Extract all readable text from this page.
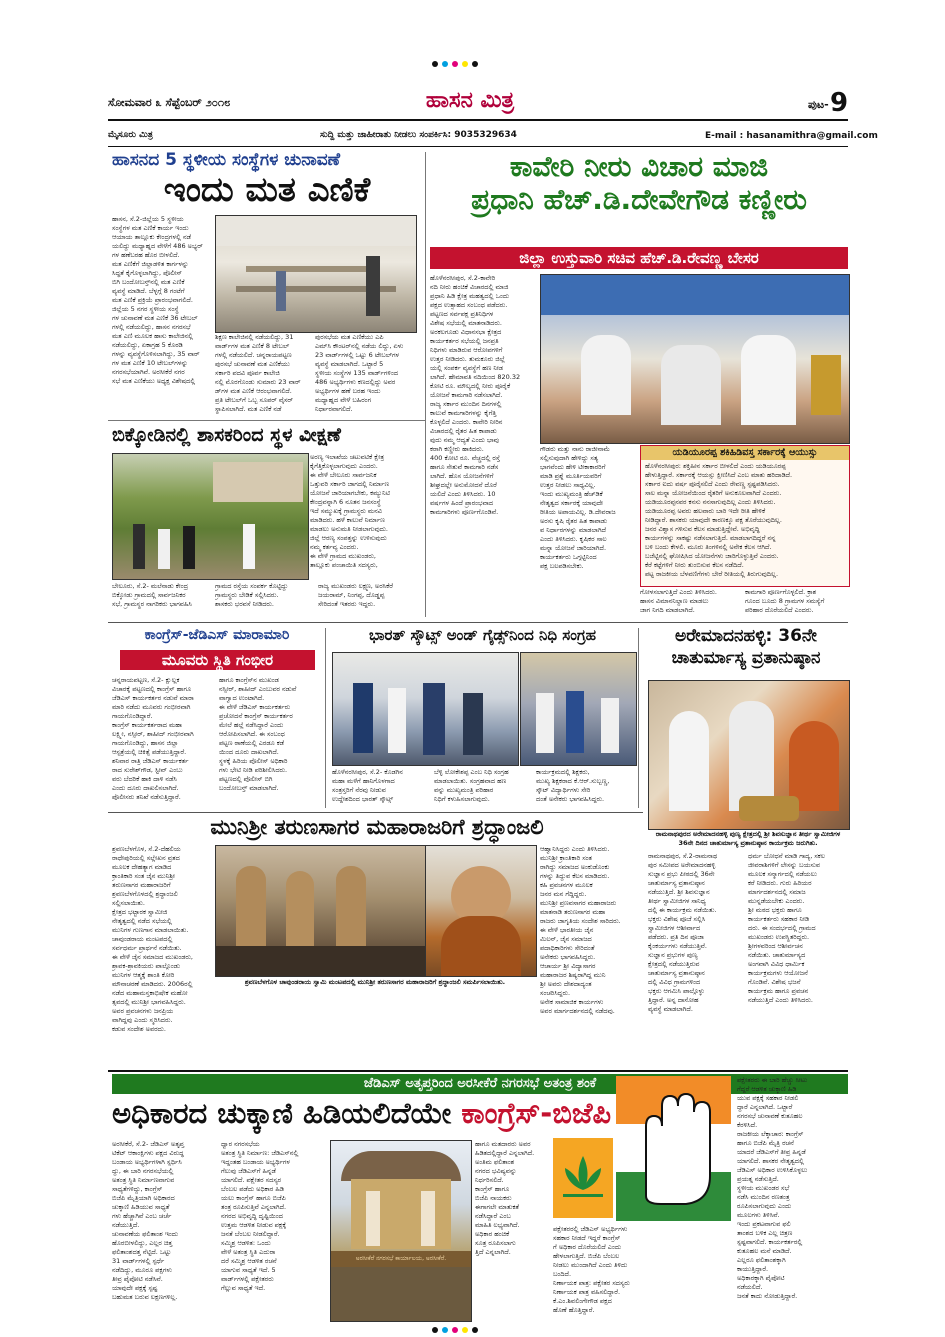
ಸೋಮವಾರ ೩ ಸೆಪ್ಟೆಂಬರ್ ೨೦೧೮	ಹಾಸನ ಮಿತ್ರ	ಪುಟ- 9
ಮೈಸೂರು ಮಿತ್ರ	ಸುದ್ದಿ ಮತ್ತು ಜಾಹೀರಾತು ನೀಡಲು ಸಂಪರ್ಕಿಸಿ: 9035329634	E-mail : hasanamithra@gmail.com
ಹಾಸನದ 5 ಸ್ಥಳೀಯ ಸಂಸ್ಥೆಗಳ ಚುನಾವಣೆ
ಇಂದು ಮತ ಎಣಿಕೆ
ಹಾಸನ, ಸೆ.2-ಜಿಲ್ಲೆಯ 5 ಸ್ಥಳೀಯ
ಸಂಸ್ಥೆಗಳ ಮತ ಎಣಿಕೆ ಕಾರ್ಯ ಇಂದು
ಆಯಾಯ ತಾಲ್ಲೂಕು ಕೇಂದ್ರಗಳಲ್ಲಿ ನಡೆ
ಯಲಿದ್ದು ಮಧ್ಯಾಹ್ನದ ವೇಳೆಗೆ 486 ಅಭ್ಯರ್
ಗಳ ಹಣೆಬರಹ ಹೊರ ಬೀಳಲಿದೆ.
ಮತ ಎಣಿಕೆಗೆ ಜಿಲ್ಲಾಡಳಿತ ಕಾರ್ಗಳನ್ನು
ಸಿದ್ಧತೆ ಕೈಗೊಳ್ಳಲಾಗಿದ್ದು, ಪೊಲೀಸ್
ಬಿಗಿ ಬಂದೋಬಸ್ತ್‌ನಲ್ಲಿ ಮತ ಎಣಿಕೆ
ವ್ಯವಸ್ಥೆ ಮಾಡಿದೆ. ಬೆಳ್ಳಗ್ಗೆ 8 ಗಂಟೆಗೆ
ಮತ ಎಣಿಕೆ ಪ್ರಕ್ರಿಯೆ ಪ್ರಾರಂಭವಾಗಲಿದೆ.
ಜಿಲ್ಲೆಯ 5 ನಗರ ಸ್ಥಳೀಯ ಸಂಸ್ಥೆ
ಗಳ ಚುನಾವಣೆ ಮತ ಎಣಿಕೆ 36 ಟೇಬಲ್
ಗಳಲ್ಲಿ ನಡೆಯಲಿದ್ದು, ಹಾಸನ ನಗರಸಭೆ
ಮತ ಎಣಿ ಮೂಲಕ ಹಾಸು ಕಾಲೇಜಿನಲ್ಲಿ
ನಡೆಯಲಿದ್ದು, ಏಕಾಗ್ರಹ 5 ಕೊಠಡಿ
ಗಳನ್ನು ವ್ಯವಸ್ಥೆಗೊಳಿಸಲಾಗಿದ್ದು, 35 ವಾರ್
ಗಳ ಮತ ಎಣಿಕೆ 10 ಟೇಬಲ್‌ಗಳನ್ನು
ನಗರಸಭೆಯಾಗಿವೆ. ಅರಸೀಕೆರೆ ನಗರ
ಸಭೆ ಮತ ಎಣಿಕೆಯು ಅಧ್ಯಕ್ಷ ವಿಶೇಷದಲ್ಲಿ
ಶಿಕ್ಷಣ ಕಾಲೇಜಿನಲ್ಲಿ ನಡೆಯಲಿದ್ದು, 31
ವಾರ್ಡ್‌ಗಳ ಮತ ಎಣಿಕೆ 8 ಟೇಬಲ್
ಗಳಲ್ಲಿ ನಡೆಯಲಿದೆ. ಚನ್ನರಾಯಪಟ್ಟಣ
ಪುರಸಭೆ ಚುನಾವಣೆ ಮತ ಎಣಿಕೆಯು
ಸರ್ಕಾರಿ ಪದವಿ ಪೂರ್ವ ಕಾಲೇಜಿ
ನಲ್ಲಿ ಮೊರಗೊಂಡು ಸುಮಾರು 23 ವಾರ್
ಡ್‌ಗಳ ಮತ ಎಣಿಕೆ ಆರಂಭವಾಗಲಿದೆ.
ಪ್ರತಿ ಟೇಬಲ್‌ಗೆ ಒಬ್ಬ ಸೂಪರ್ ವೈಸರ್
ಸ್ಥಾಪಿಸಲಾಗಿದೆ. ಮತ ಎಣಿಕೆ ನಡೆ
ಪುರಸಭೆಯ ಮತ ಎಣಿಕೆಯು ಎಪಿ
ಎಮ್‌ಸಿ ಕೌಂಟರ್‌ನಲ್ಲಿ ನಡೆಯ ಲಿದ್ದು, ಏಳು
23 ವಾರ್ಡ್‌ಗಳಲ್ಲಿ ಒಟ್ಟು 6 ಟೇಬಲ್‌ಗಳ
ವ್ಯವಸ್ಥೆ ಮಾಡಲಾಗಿದೆ. ಒಟ್ಟಾರೆ 5
ಸ್ಥಳೀಯ ಸಂಸ್ಥೆಗಳ 135 ವಾರ್ಡ್‌ಗಳಿಂದ
486 ಅಭ್ಯರ್ಥಿಗಳು ಕಣದಲ್ಲಿದ್ದು ಅವರ
ಅಭ್ಯರ್ಥಿಗಳ ಹಣೆ ಬರಹ ಇಂದು
ಮಧ್ಯಾಹ್ನದ ವೇಳೆ ಬಹಿರಂಗ
ನಿರ್ಧಾರವಾಗಲಿದೆ.
ಕಾವೇರಿ ನೀರು ವಿಚಾರ ಮಾಜಿ
ಪ್ರಧಾನಿ ಹೆಚ್.ಡಿ.ದೇವೇಗೌಡ ಕಣ್ಣೀರು
ಜಿಲ್ಲಾ ಉಸ್ತುವಾರಿ ಸಚಿವ ಹೆಚ್.ಡಿ.ರೇವಣ್ಣ ಬೇಸರ
ಹೊಳೆನರಸೀಪುರ, ಸೆ.2-ಕಾವೇರಿ
ನದಿ ನೀರು ಹಂಚಿಕೆ ವಿಚಾರದಲ್ಲಿ ಮಾಜಿ
ಪ್ರಧಾನಿ ಹಿಡಿ ಕ್ಷೇತ್ರ ಮಹತ್ವದಲ್ಲಿ ಒಂದು
ಪಕ್ಷದ ಉತ್ಸಾಹದ ಸಂಬಂಧ ಪಡೆದರು.
ಪಟ್ಟಣದ ಸರ್ವಪಕ್ಷ ಪ್ರತಿನಿಧಿಗಳ
ವಿಶೇಷ ಸಭೆಯಲ್ಲಿ ಮಾತನಾಡಿದರು.
ಅರಕಲಗೂಡು ವಿಧಾನಸಭಾ ಕ್ಷೇತ್ರದ
ಕಾರ್ಯಕರ್ತರ ಸಭೆಯಲ್ಲಿ ಜನಪ್ರತಿ
ನಿಧಿಗಳು ಮಾಡಿರುವ ಆರೋಪಗಳಿಗೆ
ಉತ್ತರ ನೀಡಿದರು. ತುಮಕೂರು ಜಿಲ್ಲೆ
ಯಲ್ಲಿ ಸಂಪರ್ಕ ವ್ಯವಸ್ಥೆಗೆ ಹಣ ನೀಡ
ಲಾಗಿದೆ. ಹೇಮಾವತಿ ನದಿಯಿಂದ 820.32
ಕೋಟಿ ರೂ. ಮೌಲ್ಯದಲ್ಲಿ ನೀರು ಪೂರೈಕೆ
ಯೋಜನೆ ಕಾಮಗಾರಿ ನಡೆಸಲಾಗಿದೆ.
ರಾಜ್ಯ ಸರ್ಕಾರ ಮುಂದಿನ ದಿನಗಳಲ್ಲಿ
ಕಾಲುವೆ ಕಾಮಗಾರಿಗಳನ್ನು ಕೈಗೆತ್ತಿ
ಕೊಳ್ಳಲಿದೆ ಎಂದರು. ಕಾವೇರಿ ನೀರಿನ
ವಿಚಾರದಲ್ಲಿ ರೈತರ ಹಿತ ಕಾಪಾಡು
ವುದು ನಮ್ಮ ಆದ್ಯತೆ ಎಂದು ಭಾವು
ಕರಾಗಿ ಕಣ್ಣೀರು ಹಾಕಿದರು.
400 ಕೋಟಿ ರೂ. ವೆಚ್ಚದಲ್ಲಿ ರಸ್ತೆ
ಹಾಗೂ ಸೇತುವೆ ಕಾಮಗಾರಿ ನಡೆಸ
ಲಾಗಿದೆ. ಹೊಸ ಯೋಜನೆಗಳಿಗೆ
ಶೀಘ್ರದಲ್ಲೇ ಅನುಮೋದನೆ ದೊರೆ
ಯಲಿದೆ ಎಂದು ತಿಳಿಸಿದರು. 10
ವರ್ಷಗಳ ಹಿಂದೆ ಪ್ರಾರಂಭವಾದ
ಕಾಮಗಾರಿಗಳು ಪೂರ್ಣಗೊಂಡಿವೆ.
ಗೌಡರು ಮತ್ತು ನಾನು ರಾಜೀನಾಮೆ
ಸಲ್ಲಿಸುವುದಾಗಿ ಹೇಳಿದ್ದು ಸತ್ಯ
ಭಾಗವೆಂದು ಹೇಳಿ ಟೀಕಾಕಾರರಿಗೆ
ಮಾಡಿ ಪ್ರಶ್ನೆ ಮೂರ್ತಿಯವರಿಗೆ
ಉತ್ತರ ನೀಡಲು ಸಾಧ್ಯವಿಲ್ಲ.
ಇಂದು ಮುಖ್ಯಮಂತ್ರಿ ಹೆಚ್‌ಡಿಕೆ
ನೇತೃತ್ವದ ಸರ್ಕಾರಕ್ಕೆ ಯಾವುದೇ
ರೀತಿಯ ಅಪಾಯವಿಲ್ಲ. ಡಿ.ದೇವರಾಜ
ಅರಸು ಕೃಷಿ ರೈತರ ಹಿತ ಕಾಪಾಡು
ವ ನಿರ್ಧಾರಗಳನ್ನು ಮಾಡಲಾಗಿದೆ
ಎಂದು ತಿಳಿಸಿದರು. ಕೃಷಿಕರ ಸಾಲ
ಮನ್ನಾ ಯೋಜನೆ ಜಾರಿಯಾಗಿದೆ.
ಕಾರ್ಯಕರ್ತರು ಒಗ್ಗಟ್ಟಿನಿಂದ
ಪಕ್ಷ ಬಲಪಡಿಸಬೇಕು.
ಯಡಿಯೂರಪ್ಪ ಶಕಿಹಿಡಿವಸ್ತ ಸರ್ಕಾರಕ್ಕೆ ಆಯುಸ್ಸು
ಹೊಳೆನರಸೀಪುರ: ಶಕ್ತಿಹೀನ ಸರ್ಕಾರ ಬೀಳಲಿದೆ ಎಂದು ಯಡಿಯೂರಪ್ಪ
ಹೇಳುತ್ತಿದ್ದಾರೆ. ಸರ್ಕಾರಕ್ಕೆ ಆಯಸ್ಸು ಕ್ಷೀಣಿಸಿದೆ ಎಂಬ ಮಾತು ಹರಿದಾಡಿದೆ.
ಸರ್ಕಾರ ಐದು ವರ್ಷ ಪೂರೈಸಲಿದೆ ಎಂದು ರೇವಣ್ಣ ಸ್ಪಷ್ಟಪಡಿಸಿದರು.
ಸಾಲ ಮನ್ನಾ ಯೋಜನೆಯಿಂದ ರೈತರಿಗೆ ಅನುಕೂಲವಾಗಿದೆ ಎಂದರು.
ಯಡಿಯೂರಪ್ಪನವರ ಕನಸು ನನಸಾಗುವುದಿಲ್ಲ ಎಂದು ತಿಳಿಸಿದರು.
ಯಡಿಯೂರಪ್ಪ ಅವರು ಹಲವಾರು ಬಾರಿ ಇದೇ ರೀತಿ ಹೇಳಿಕೆ
ನೀಡಿದ್ದಾರೆ. ಶಾಸಕರು ಯಾವುದೇ ಕಾರಣಕ್ಕೂ ಪಕ್ಷ ತೊರೆಯುವುದಿಲ್ಲ.
ಜನರ ವಿಶ್ವಾಸ ಗಳಿಸುವ ಕೆಲಸ ಮಾಡುತ್ತಿದ್ದೇವೆ. ಅಭಿವೃದ್ಧಿ
ಕಾರ್ಯಗಳನ್ನು ಸಾಕಷ್ಟು ನಡೆಸಲಾಗುತ್ತಿದೆ. ಮಾಡಲಾಗದಿದ್ದರೆ ನನ್ನ
ಬಳಿ ಬಂದು ಕೇಳಲಿ. ಮೂರು ತಿಂಗಳಿನಲ್ಲಿ ಅನೇಕ ಕೆಲಸ ಆಗಿದೆ.
ಬಜೆಟ್ಟಿನಲ್ಲಿ ಘೋಷಿಸಿದ ಯೋಜನೆಗಳು ಜಾರಿಗೊಳ್ಳುತ್ತಿವೆ ಎಂದರು.
ಕೆರೆ ಕಟ್ಟೆಗಳಿಗೆ ನೀರು ತುಂಬಿಸುವ ಕೆಲಸ ನಡೆದಿದೆ.
ಪಟ್ಟ ರಾಜಕೀಯ ಬೆಳವಣಿಗೆಗಳು ಬೇರೆ ರೀತಿಯಲ್ಲಿ ತಿರುಗುವುದಿಲ್ಲ.
ಗೋಳಸಲಾಗುತ್ತಿದೆ ಎಂದು ತಿಳಿಸಿದರು.
ಹಾಸನ ವಿಮಾನನಿಲ್ದಾಣ ಮಾಡಲು
ಜಾಗ ನಿಗದಿ ಮಾಡಲಾಗಿದೆ.
ಕಾಮಗಾರಿ ಪೂರ್ಣಗೊಳ್ಳಲಿದೆ. ಕ್ರಾಶ
ಗೂಂದ ಬೂದು 8 ಗ್ರಾಮಗಳ ಸಮಸ್ಯೆಗೆ
ಪರಿಹಾರ ದೊರೆಯಲಿದೆ ಎಂದರು.
ಬಿಕ್ಕೋಡಿನಲ್ಲಿ ಶಾಸಕರಿಂದ ಸ್ಥಳ ವೀಕ್ಷಣೆ
ಅರಣ್ಯ ಇಲಾಖೆಯ ಚಟುವಟಿಕೆ ಕ್ಷೇತ್ರ
ಕೈಗೆತ್ತಿಕೊಳ್ಳಲಾಗುವುದು ಎಂದರು.
ಈ ವೇಳೆ ಬೇಲೂರು ಸಾರ್ವಜನಿಕ
ಒತ್ತುವರಿ ಸರ್ಕಾರಿ ಜಾಗದಲ್ಲಿ ನಿರ್ಮಾಣ
ಯೋಜನೆ ಜಾರಿಯಾಗಬೇಕು, ಕಮ್ಯುನಿಟಿ
ಕೇಂದ್ರವನ್ನಾಗಿ 6 ನೂತನ ಜನಸಂಸ್ಥೆ
ಇದೆ ಸಮ್ಮುಖಕ್ಕೆ ಗ್ರಾಮಸ್ಥರು ಮನವಿ
ಮಾಡಿದರು. ಹಳೆ ಕಾಲುವೆ ನಿರ್ಮಾಣ
ಮಾಡಲು ಅನುಮತಿ ನೀಡಲಾಗುವುದು.
ಜಿಲ್ಲೆ ಆರಣ್ಯ ಸಂಪತ್ತನ್ನು ಉಳಿಸುವುದು
ನಮ್ಮ ಕರ್ತವ್ಯ ಎಂದರು.
ಈ ವೇಳೆ ಗ್ರಾಮದ ಮುಖಂಡರು,
ತಾಲ್ಲೂಕು ಪಂಚಾಯಿತಿ ಸದಸ್ಯರು,
ಬೇಲೂರು, ಸೆ.2- ಮಲೆನಾಡು ಕೇಂದ್ರ
ಬಿಕ್ಕೋಡು ಗ್ರಾಮದಲ್ಲಿ ಸಾರ್ವಜನಿಕರ
ಸಭೆ, ಗ್ರಾಮಸ್ಥರ ನಾಗರಿಕರು ಭಾಗವಹಿಸಿ
ಗ್ರಾಮದ ರಸ್ತೆಯ ಸಂಪರ್ಕ ಕೊಟ್ಟಿದ್ದು
ಗ್ರಾಮಸ್ಥರು ಬೇಡಿಕೆ ಸಲ್ಲಿಸಿದರು.
ಶಾಸಕರು ಭರವಸೆ ನೀಡಿದರು.
ರಾಜ್ಯ ಮುಖಂಡರು ಲಕ್ಷ್ಮಣ, ಅರಸಿಕೆರೆ
ಜಯರಾಮ್, ನಿಂಗಪ್ಪ, ದೊಡ್ಡಪ್ಪ
ಸೇರಿದಂತೆ ಇತರರು ಇದ್ದರು.
ಕಾಂಗ್ರೆಸ್-ಜೆಡಿಎಸ್ ಮಾರಾಮಾರಿ
ಮೂವರು ಸ್ಥಿತಿ ಗಂಭೀರ
ಚನ್ನರಾಯಪಟ್ಟಣ, ಸೆ.2- ಕ್ಷುಲ್ಲಕ
ವಿಚಾರಕ್ಕೆ ಪಟ್ಟಣದಲ್ಲಿ ಕಾಂಗ್ರೆಸ್ ಹಾಗೂ
ಜೆಡಿಎಸ್ ಕಾರ್ಯಕರ್ತರ ನಡುವೆ ಮಾರಾ
ಮಾರಿ ನಡೆದು ಮೂವರು ಗಂಭೀರವಾಗಿ
ಗಾಯಗೊಂಡಿದ್ದಾರೆ.
ಕಾಂಗ್ರೆಸ್ ಕಾರ್ಯಕರ್ತರಾದ ಮಹಾ
ಲಕ್ಷ್ಮೀ, ನಸ್ಸೀರ್, ಶಾಹೀದ್ ಗಂಭೀರವಾಗಿ
ಗಾಯಗೊಂಡಿದ್ದು, ಹಾಸನ ಜಿಲ್ಲಾ
ಆಸ್ಪತ್ರೆಯಲ್ಲಿ ಚಿಕಿತ್ಸೆ ಪಡೆಯುತ್ತಿದ್ದಾರೆ.
ಶನಿವಾರ ರಾತ್ರಿ ಜೆಡಿಎಸ್ ಕಾರ್ಯಕರ್ತ
ರಾದ ಸುರೇಶ್‌ಗೌಡ, ಸ್ಟೀವ್ ಎಂಬು
ವರು ಬೆದರಿಕೆ ಹಾಕಿ ದಾಳಿ ನಡೆಸಿ
ಎಂದು ದೂರು ದಾಖಲಿಸಲಾಗಿದೆ.
ಪೊಲೀಸರು ತನಿಖೆ ನಡೆಸುತ್ತಿದ್ದಾರೆ.
ಹಾಗೂ ಕಾಂಗ್ರೆಸ್‌ನ ಮುಖಂಡ
ನಸ್ಸೀರ್, ಶಾಹೀದ್ ಎಂಬುವರ ನಡುವೆ
ವಾಗ್ವಾದ ಉಂಟಾಗಿದೆ.
ಈ ವೇಳೆ ಜೆಡಿಎಸ್ ಕಾರ್ಯಕರ್ತರು
ಪ್ರಚೋದನೆ ಕಾಂಗ್ರೆಸ್ ಕಾರ್ಯಕರ್ತರ
ಮೇಲೆ ಹಲ್ಲೆ ನಡೆಸಿದ್ದಾರೆ ಎಂದು
ಆರೋಪಿಸಲಾಗಿದೆ. ಈ ಸಂಬಂಧ
ಪಟ್ಟಣ ಠಾಣೆಯಲ್ಲಿ ಎರಡೂ ಕಡೆ
ಯಿಂದ ದೂರು ದಾಖಲಾಗಿದೆ.
ಸ್ಥಳಕ್ಕೆ ಹಿರಿಯ ಪೊಲೀಸ್ ಅಧಿಕಾರಿ
ಗಳು ಭೇಟಿ ನೀಡಿ ಪರಿಶೀಲಿಸಿದರು.
ಪಟ್ಟಣದಲ್ಲಿ ಪೊಲೀಸ್ ಬಿಗಿ
ಬಂದೋಬಸ್ತ್ ಮಾಡಲಾಗಿದೆ.
ಭಾರತ್ ಸ್ಕೌಟ್ಸ್ ಅಂಡ್ ಗೈಡ್ಸ್‌ನಿಂದ ನಿಧಿ ಸಂಗ್ರಹ
ಹೊಳೆನರಸೀಪುರ, ಸೆ.2- ಕೊಡಗಿನ
ಮಹಾ ಮಳೆಗೆ ಹಾನಿಗೊಳಗಾದ
ಸಂತ್ರಸ್ತರಿಗೆ ನೆರವು ನೀಡುವ
ಉದ್ದೇಶದಿಂದ ಭಾರತ್ ಸ್ಕೌಟ್ಸ್
ಬೆಳ್ಳಿ ಲೋಕೇಶಪ್ಪ ಎಂಬ ನಿಧಿ ಸಂಗ್ರಹ
ಮಾಡಲಾಯಿತು. ಸಂಗ್ರಹವಾದ ಹಣ
ವನ್ನು ಮುಖ್ಯಮಂತ್ರಿ ಪರಿಹಾರ
ನಿಧಿಗೆ ಕಳುಹಿಸಲಾಗುವುದು.
ಕಾರ್ಯಕ್ರಮದಲ್ಲಿ ಶಿಕ್ಷಕರು,
ಮುಖ್ಯ ಶಿಕ್ಷಕರಾದ ಕೆ.ಆರ್.ಸುಬ್ಬಣ್ಣ,
ಸ್ಕೌಟ್ ವಿದ್ಯಾರ್ಥಿಗಳು ಸೇರಿ
ದಂತೆ ಅನೇಕರು ಭಾಗವಹಿಸಿದ್ದರು.
ಅರೇಮಾದನಹಳ್ಳಿ: 36ನೇ
ಚಾತುರ್ಮಾಸ್ಯ ವ್ರತಾನುಷ್ಠಾನ
ರಾಮನಾಥಪುರದ ಅರೇಮಾದನಹಳ್ಳಿ ಪುಣ್ಯ ಕ್ಷೇತ್ರದಲ್ಲಿ ಶ್ರೀ ಶಿವಸುಜ್ಞಾನ ತೀರ್ಥ ಸ್ವಾಮೀಜಿಗಳ 36ನೇ ದಿನದ ಚಾತುರ್ಮಾಸ್ಯ ವ್ರತಾನುಷ್ಠಾನ ಕಾರ್ಯಕ್ರಮ ಜರುಗಿತು.
ಮುನಿಶ್ರೀ ತರುಣಸಾಗರ ಮಹಾರಾಜರಿಗೆ ಶ್ರದ್ಧಾಂಜಲಿ
ಶ್ರವಣಬೆಳಗೊಳ, ಸೆ.2-ದೆಹಲಿಯ
ರಾಧೇಪುರಿಯಲ್ಲಿ ಸಲ್ಲೇಖನ ವ್ರತದ
ಮೂಲಕ ದೇಹತ್ಯಾಗ ಮಾಡಿದ
ಕ್ರಾಂತಿಕಾರಿ ಸಂತ ಜೈನ ಮುನಿಶ್ರೀ
ತರುಣಸಾಗರ ಮಹಾರಾಜರಿಗೆ
ಶ್ರವಣಬೆಳಗೊಳದಲ್ಲಿ ಶ್ರದ್ಧಾಂಜಲಿ
ಸಲ್ಲಿಸಲಾಯಿತು.
ಕ್ಷೇತ್ರದ ಭಟ್ಟಾರಕ ಸ್ವಾಮೀಜಿ
ನೇತೃತ್ವದಲ್ಲಿ ನಡೆದ ಸಭೆಯಲ್ಲಿ
ಮುನಿಗಳ ಗುಣಗಾನ ಮಾಡಲಾಯಿತು.
ಚಾವುಂಡರಾಯ ಮಂಟಪದಲ್ಲಿ
ಸರ್ವಧರ್ಮ ಪ್ರಾರ್ಥನೆ ನಡೆಯಿತು.
ಈ ವೇಳೆ ಜೈನ ಸಮಾಜದ ಮುಖಂಡರು,
ಶ್ರಾವಕ-ಶ್ರಾವಕಿಯರು ಪಾಲ್ಗೊಂಡು
ಮುನಿಗಳ ಆತ್ಮಕ್ಕೆ ಶಾಂತಿ ಕೋರಿ
ಮೌನಾಚರಣೆ ಮಾಡಿದರು. 2006ರಲ್ಲಿ
ನಡೆದ ಮಹಾಮಸ್ತಕಾಭಿಷೇಕ ಮಹೋ
ತ್ಸವದಲ್ಲಿ ಮುನಿಶ್ರೀ ಭಾಗವಹಿಸಿದ್ದರು.
ಅವರ ಪ್ರವಚನಗಳು ಜನಪ್ರಿಯ
ವಾಗಿದ್ದವು ಎಂದು ಸ್ಮರಿಸಿದರು.
ಕಡುವ ಸಂದೇಶ ಅವರದು.
ಶ್ರವಣಬೆಳಗೊಳ ಚಾವುಂಡರಾಯ ಸ್ವಾಮಿ ಮಂಟಪದಲ್ಲಿ ಮುನಿಶ್ರೀ ತರುಣಸಾಗರ ಮಹಾರಾಜರಿಗೆ ಶ್ರದ್ಧಾಂಜಲಿ ಸಮರ್ಪಿಸಲಾಯಿತು.
ಆಹ್ವಾನಿಸಿದ್ದರು ಎಂದು ತಿಳಿಸಿದರು.
ಮುನಿಶ್ರೀ ಕ್ರಾಂತಿಕಾರಿ ಸಂತ
ರಾಗಿದ್ದು ಸಮಾಜದ ಅಂಕುಡೊಂಕು
ಗಳನ್ನು ತಿದ್ದುವ ಕೆಲಸ ಮಾಡಿದರು.
ಕಹಿ ಪ್ರವಚನಗಳ ಮೂಲಕ
ಜನರ ಮನ ಗೆದ್ದಿದ್ದರು.
ಮುನಿಶ್ರೀ ಪ್ರಣವಸಾಗರ ಮಹಾರಾಜರು
ಮಾತನಾಡಿ ತರುಣಸಾಗರ ಮಹಾ
ರಾಜರು ಜಾಗೃತಿಯ ಸಂದೇಶ ಸಾರಿದರು.
ಈ ವೇಳೆ ಭಾರತೀಯ ಜೈನ
ಮಿಲನ್, ಜೈನ ಸಮಾಜದ
ಪದಾಧಿಕಾರಿಗಳು ಸೇರಿದಂತೆ
ಅನೇಕರು ಭಾಗವಹಿಸಿದ್ದರು.
ಆಚಾರ್ಯ ಶ್ರೀ ವಿದ್ಯಾಸಾಗರ
ಮಹಾರಾಜರ ಶಿಷ್ಯರಾಗಿದ್ದ ಮುನಿ
ಶ್ರೀ ಅವರು ದೇಶದಾದ್ಯಂತ
ಸಂಚರಿಸಿದ್ದರು.
ಅನೇಕ ಸಾಮಾಜಿಕ ಕಾರ್ಯಗಳು
ಅವರ ಮಾರ್ಗದರ್ಶನದಲ್ಲಿ ನಡೆದವು.
ರಾಮನಾಥಪುರ, ಸೆ.2-ರಾಮನಾಥ
ಪುರ ಸಮೀಪದ ಅರೇಮಾದನಹಳ್ಳಿ
ಸುಜ್ಞಾನ ಪ್ರಭು ಪೀಠದಲ್ಲಿ 36ನೇ
ಚಾತುರ್ಮಾಸ್ಯ ವ್ರತಾನುಷ್ಠಾನ
ನಡೆಯುತ್ತಿದೆ. ಶ್ರೀ ಶಿವಸುಜ್ಞಾನ
ತೀರ್ಥ ಸ್ವಾಮೀಜಿಗಳ ಸಾನಿಧ್ಯ
ದಲ್ಲಿ ಈ ಕಾರ್ಯಕ್ರಮ ನಡೆಯಿತು.
ಭಕ್ತರು ವಿಶೇಷ ಪೂಜೆ ಸಲ್ಲಿಸಿ
ಸ್ವಾಮೀಜಿಗಳ ಆಶೀರ್ವಾದ
ಪಡೆದರು. ಪ್ರತಿ ದಿನ ಪೂಜಾ
ಕೈಂಕರ್ಯಗಳು ನಡೆಯುತ್ತಿವೆ.
ಸುಜ್ಞಾನ ಪ್ರಭುಗಳ ಪುಣ್ಯ
ಕ್ಷೇತ್ರದಲ್ಲಿ ನಡೆಯುತ್ತಿರುವ
ಚಾತುರ್ಮಾಸ್ಯ ವ್ರತಾನುಷ್ಠಾನ
ದಲ್ಲಿ ವಿವಿಧ ಗ್ರಾಮಗಳಿಂದ
ಭಕ್ತರು ಆಗಮಿಸಿ ಪಾಲ್ಗೊಳ್ಳು
ತ್ತಿದ್ದಾರೆ. ಅನ್ನ ದಾಸೋಹ
ವ್ಯವಸ್ಥೆ ಮಾಡಲಾಗಿದೆ.
ಧರ್ಮ ಬೋಧನೆ ಮಾಡಿ ಗಾದ್ಯ, ಸಕಲ
ಜೀವರಾಶಿಗಳಿಗೆ ಲೇಸನ್ನು ಬಯಸುವ
ಮೂಲಕ ಸನ್ಮಾರ್ಗದಲ್ಲಿ ನಡೆಯಲು
ಕರೆ ನೀಡಿದರು. ಗುರು ಹಿರಿಯರ
ಮಾರ್ಗದರ್ಶನದಲ್ಲಿ ಸಮಾಜ
ಮುನ್ನಡೆಯಬೇಕು ಎಂದರು.
ಶ್ರೀ ಮಠದ ಭಕ್ತರು ಹಾಗೂ
ಕಾರ್ಯಕರ್ತರು ಸಹಕಾರ ನೀಡಿ
ದರು. ಈ ಸಂದರ್ಭದಲ್ಲಿ ಗ್ರಾಮದ
ಮುಖಂಡರು ಉಪಸ್ಥಿತರಿದ್ದರು.
ಶ್ರೀಗಳವರಿಂದ ಆಶೀರ್ವಚನ
ನಡೆಯಿತು. ಚಾತುರ್ಮಾಸ್ಯದ
ಅಂಗವಾಗಿ ವಿವಿಧ ಧಾರ್ಮಿಕ
ಕಾರ್ಯಕ್ರಮಗಳು ಆಯೋಜನೆ
ಗೊಂಡಿವೆ. ವಿಶೇಷ ಭಜನೆ
ಕಾರ್ಯಕ್ರಮ ಹಾಗೂ ಪ್ರವಚನ
ನಡೆಯುತ್ತಿದೆ ಎಂದು ತಿಳಿಸಿದರು.
ಜೆಡಿಎಸ್ ಅತೃಪ್ತರಿಂದ ಅರಸೀಕೆರೆ ನಗರಸಭೆ ಅತಂತ್ರ ಶಂಕೆ
ಅಧಿಕಾರದ ಚುಕ್ಕಾಣಿ ಹಿಡಿಯಲಿದೆಯೇ ಕಾಂಗ್ರೆಸ್-ಬಿಜೆಪಿ
ಅರಸೀಕೆರೆ, ಸೆ.2- ಜೆಡಿಎಸ್ ಅತೃಪ್ತ
ಟಿಕೆಟ್ ಆಕಾಂಕ್ಷಿಗಳು ಪಕ್ಷದ ವಿರುದ್ಧ
ಬಂಡಾಯ ಅಭ್ಯರ್ಥಿಗಳಾಗಿ ಸ್ಪರ್ಧಿಸಿ
ದ್ದು, ಈ ಬಾರಿ ನಗರಸಭೆಯಲ್ಲಿ
ಅತಂತ್ರ ಸ್ಥಿತಿ ನಿರ್ಮಾಣವಾಗುವ
ಸಾಧ್ಯತೆಗಳಿದ್ದು, ಕಾಂಗ್ರೆಸ್
ಬಿಜೆಪಿ ಮೈತ್ರಿಯಾಗಿ ಅಧಿಕಾರದ
ಚುಕ್ಕಾಣಿ ಹಿಡಿಯುವ ಸಾಧ್ಯತೆ
ಗಳು ಹೆಚ್ಚಾಗಿವೆ ಎಂಬ ಚರ್ಚೆ
ನಡೆಯುತ್ತಿದೆ.
ಚುನಾವಣೆಯ ಫಲಿತಾಂಶ ಇಂದು
ಹೊರಬೀಳಲಿದ್ದು, ಎಲ್ಲರ ಚಿತ್ತ
ಫಲಿತಾಂಶದತ್ತ ನೆಟ್ಟಿದೆ. ಒಟ್ಟು
31 ವಾರ್ಡ್‌ಗಳಲ್ಲಿ ಸ್ಪರ್ಧೆ
ನಡೆದಿದ್ದು, ಮೂರೂ ಪಕ್ಷಗಳು
ತೀವ್ರ ಪೈಪೋಟಿ ನಡೆಸಿವೆ.
ಯಾವುದೇ ಪಕ್ಷಕ್ಕೆ ಸ್ಪಷ್ಟ
ಬಹುಮತ ಬರುವ ಲಕ್ಷಣಗಳಿಲ್ಲ.
ಧ್ವಾರ ನಗರಸಭೆಯ
ಅತಂತ್ರ ಸ್ಥಿತಿ ನಿರ್ಮಾಣ: ಜೆಡಿಎಸ್‌ನಲ್ಲಿ
ಇದ್ದಂತಹ ಬಂಡಾಯ ಅಭ್ಯರ್ಥಿಗಳ
ಗೆಲುವು ಜೆಡಿಎಸ್‌ಗೆ ಹಿನ್ನಡೆ
ಯಾಗಲಿದೆ. ಪಕ್ಷೇತರ ಸದಸ್ಯರ
ಬೆಂಬಲ ಪಡೆದು ಅಧಿಕಾರ ಹಿಡಿ
ಯಲು ಕಾಂಗ್ರೆಸ್ ಹಾಗೂ ಬಿಜೆಪಿ
ತಂತ್ರ ರೂಪಿಸುತ್ತಿವೆ ಎನ್ನಲಾಗಿದೆ.
ನಗರದ ಅಭಿವೃದ್ಧಿ ದೃಷ್ಟಿಯಿಂದ
ಉತ್ತಮ ಆಡಳಿತ ನೀಡುವ ಪಕ್ಷಕ್ಕೆ
ಜನತೆ ಬೆಂಬಲ ನೀಡಲಿದ್ದಾರೆ.
ಸಮ್ಮಿಶ್ರ ಆಡಳಿತ: ಒಂದು
ವೇಳೆ ಅತಂತ್ರ ಸ್ಥಿತಿ ಎದುರಾ
ದರೆ ಸಮ್ಮಿಶ್ರ ಆಡಳಿತ ರಚನೆ
ಯಾಗುವ ಸಾಧ್ಯತೆ ಇದೆ. 5
ವಾರ್ಡ್‌ಗಳಲ್ಲಿ ಪಕ್ಷೇತರರು
ಗೆಲ್ಲುವ ಸಾಧ್ಯತೆ ಇದೆ.
ಅರಸೀಕೆರೆ ನಗರಸಭೆ ಕಾರ್ಯಾಲಯ, ಅರಸೀಕೆರೆ.
ಹಾಗೂ ಮತದಾರರು ಅವರ
ಹಿಡಿತದಲ್ಲಿದ್ದಾರೆ ಎನ್ನಲಾಗಿದೆ.
ಅಂತಿಮ ಫಲಿತಾಂಶ
ನಗರದ ಭವಿಷ್ಯವನ್ನು
ನಿರ್ಧರಿಸಲಿದೆ.
ಕಾಂಗ್ರೆಸ್ ಹಾಗೂ
ಬಿಜೆಪಿ ನಾಯಕರು
ಈಗಾಗಲೇ ಮಾತುಕತೆ
ನಡೆಸಿದ್ದಾರೆ ಎಂಬ
ಮಾಹಿತಿ ಲಭ್ಯವಾಗಿದೆ.
ಅಧಿಕಾರ ಹಂಚಿಕೆ
ಸೂತ್ರ ರೂಪಿಸಲಾಗು
ತ್ತಿದೆ ಎನ್ನಲಾಗಿದೆ.
ಪಕ್ಷೇತರರಲ್ಲಿ ಜೆಡಿಎಸ್ ಅಭ್ಯರ್ಥಿಗಳು
ಸಹಕಾರ ನೀಡದೆ ಇದ್ದರೆ ಕಾಂಗ್ರೆಸ್
ಗೆ ಅಧಿಕಾರ ದೊರೆಯಲಿದೆ ಎಂದು
ಹೇಳಲಾಗುತ್ತಿದೆ. ಬಿಜೆಪಿ ಬೆಂಬಲ
ನೀಡಲು ಮುಂದಾಗಿದೆ ಎಂದು ತಿಳಿದು
ಬಂದಿದೆ.
ನಿರ್ಣಾಯಕ ಪಾತ್ರ: ಪಕ್ಷೇತರ ಸದಸ್ಯರು
ನಿರ್ಣಾಯಕ ಪಾತ್ರ ವಹಿಸಲಿದ್ದಾರೆ.
ಕೆ.ಎಂ.ಶಿವಲಿಂಗೇಗೌಡ ಪಕ್ಷದ
ಹೊಣೆ ಹೊತ್ತಿದ್ದಾರೆ.
ಪಕ್ಷೇತರರು ಈ ಬಾರಿ ಹೆಚ್ಚು ಸೀಟು
ಗೆದ್ದರೆ ಆಡಳಿತ ಚುಕ್ಕಾಣಿ ಹಿಡಿ
ಯುವ ಪಕ್ಷಕ್ಕೆ ಸಹಕಾರ ನೀಡಲಿ
ದ್ದಾರೆ ಎನ್ನಲಾಗಿದೆ. ಒಟ್ಟಾರೆ
ನಗರಸಭೆ ಚುನಾವಣೆ ಕುತೂಹಲ
ಕೆರಳಿಸಿದೆ.
ರಾಜಕೀಯ ಲೆಕ್ಕಾಚಾರ: ಕಾಂಗ್ರೆಸ್
ಹಾಗೂ ಬಿಜೆಪಿ ಮೈತ್ರಿ ರಚನೆ
ಯಾದರೆ ಜೆಡಿಎಸ್‌ಗೆ ತೀವ್ರ ಹಿನ್ನಡೆ
ಯಾಗಲಿದೆ. ಶಾಸಕರ ನೇತೃತ್ವದಲ್ಲಿ
ಜೆಡಿಎಸ್ ಅಧಿಕಾರ ಉಳಿಸಿಕೊಳ್ಳಲು
ಪ್ರಯತ್ನ ನಡೆಸುತ್ತಿದೆ.
ಸ್ಥಳೀಯ ಮುಖಂಡರ ಸಭೆ
ನಡೆಸಿ ಮುಂದಿನ ರಣತಂತ್ರ
ರೂಪಿಸಲಾಗುವುದು ಎಂದು
ಮೂಲಗಳು ತಿಳಿಸಿವೆ.
ಇಂದು ಪ್ರಕಟವಾಗುವ ಫಲಿ
ತಾಂಶದ ಬಳಿಕ ಎಲ್ಲ ಚಿತ್ರಣ
ಸ್ಪಷ್ಟವಾಗಲಿದೆ. ಕಾರ್ಯಕರ್ತರಲ್ಲಿ
ಕುತೂಹಲ ಮನೆ ಮಾಡಿದೆ.
ಎಲ್ಲರೂ ಫಲಿತಾಂಶಕ್ಕಾಗಿ
ಕಾಯುತ್ತಿದ್ದಾರೆ.
ಅಧಿಕಾರಕ್ಕಾಗಿ ಪೈಪೋಟಿ
ನಡೆಯಲಿದೆ.
ಜನತೆ ಕಾದು ನೋಡುತ್ತಿದ್ದಾರೆ.
